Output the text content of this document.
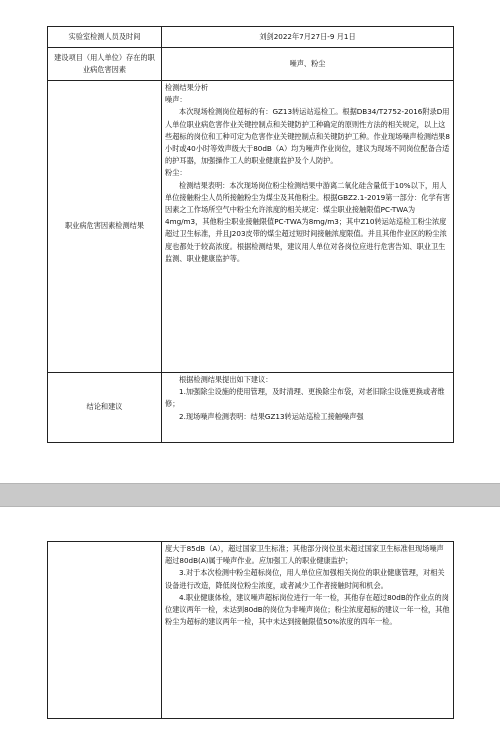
实验室检测人员及时间	刘剑2022年7月27日-9 月1日
建设项目（用人单位）存在的职业病危害因素	噪声、粉尘
职业病危害因素检测结果	检测结果分析
噪声：
本次现场检测岗位超标的有：GZ13转运站巡检工。根据DB34/T2752-2016附录D用人单位职业病危害作业关键控制点和关键防护工种确定的原则性方法的相关规定，以上这些超标的岗位和工种可定为危害作业关键控制点和关键防护工种。作业现场噪声检测结果8小时或40小时等效声级大于80dB（A）均为噪声作业岗位，建议为现场不同岗位配备合适的护耳器，加强操作工人的职业健康监护及个人防护。
粉尘：
检测结果表明：本次现场岗位粉尘检测结果中游离二氧化硅含量低于10%以下，用人单位接触粉尘人员所接触粉尘为煤尘及其他粉尘。根据GBZ2.1-2019第一部分：化学有害因素之工作场所空气中粉尘允许浓度的相关规定：煤尘职业接触限值PC-TWA为4mg/m3，其他粉尘职业接触限值PC-TWA为8mg/m3；其中Z10转运站巡检工粉尘浓度超过卫生标准，并且J203皮带的煤尘超过短时间接触浓度限值。并且其他作业区的粉尘浓度也都处于较高浓度。根据检测结果，建议用人单位对各岗位应进行危害告知、职业卫生监测、职业健康监护等。

结论和建议	根据检测结果提出如下建议：
1.加强除尘设施的使用管理，及时清理、更换除尘布袋，对老旧除尘设施更换或者维修；
2.现场噪声检测表明：结果GZ13转运站巡检工接触噪声强

度大于85dB（A），超过国家卫生标准；其他部分岗位虽未超过国家卫生标准但现场噪声超过80dB(A)属于噪声作业。应加强工人的职业健康监护；
3.对于本次检测中粉尘超标岗位，用人单位应加强相关岗位的职业健康管理，对相关设备进行改造，降低岗位粉尘浓度，或者减少工作者接触时间和机会。
4.职业健康体检，建议噪声超标岗位进行一年一检，其他存在超过80dB的作业点的岗位建议两年一检，未达到80dB的岗位为非噪声岗位；粉尘浓度超标的建议一年一检，其他粉尘为超标的建议两年一检，其中未达到接触限值50%浓度的四年一检。
